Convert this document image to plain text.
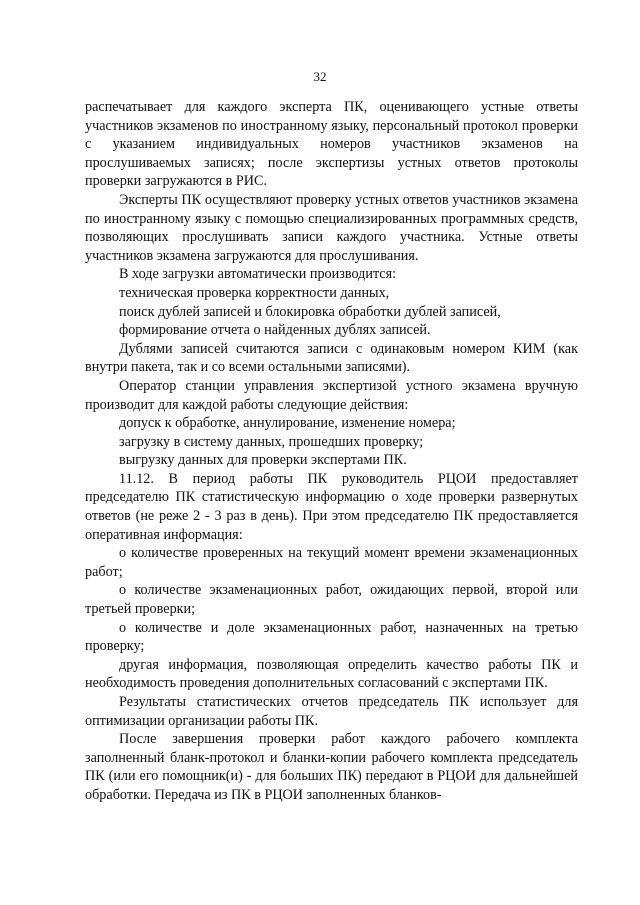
32

распечатывает для каждого эксперта ПК, оценивающего устные ответы участников экзаменов по иностранному языку, персональный протокол проверки с указанием индивидуальных номеров участников экзаменов на прослушиваемых записях; после экспертизы устных ответов протоколы проверки загружаются в РИС.

Эксперты ПК осуществляют проверку устных ответов участников экзамена по иностранному языку с помощью специализированных программных средств, позволяющих прослушивать записи каждого участника. Устные ответы участников экзамена загружаются для прослушивания.

В ходе загрузки автоматически производится:

техническая проверка корректности данных,

поиск дублей записей и блокировка обработки дублей записей,

формирование отчета о найденных дублях записей.

Дублями записей считаются записи с одинаковым номером КИМ (как внутри пакета, так и со всеми остальными записями).

Оператор станции управления экспертизой устного экзамена вручную производит для каждой работы следующие действия:

допуск к обработке, аннулирование, изменение номера;

загрузку в систему данных, прошедших проверку;

выгрузку данных для проверки экспертами ПК.

11.12. В период работы ПК руководитель РЦОИ предоставляет председателю ПК статистическую информацию о ходе проверки развернутых ответов (не реже 2 - 3 раз в день). При этом председателю ПК предоставляется оперативная информация:

о количестве проверенных на текущий момент времени экзаменационных работ;

о количестве экзаменационных работ, ожидающих первой, второй или третьей проверки;

о количестве и доле экзаменационных работ, назначенных на третью проверку;

другая информация, позволяющая определить качество работы ПК и необходимость проведения дополнительных согласований с экспертами ПК.

Результаты статистических отчетов председатель ПК использует для оптимизации организации работы ПК.

После завершения проверки работ каждого рабочего комплекта заполненный бланк-протокол и бланки-копии рабочего комплекта председатель ПК (или его помощник(и) - для больших ПК) передают в РЦОИ для дальнейшей обработки. Передача из ПК в РЦОИ заполненных бланков-
